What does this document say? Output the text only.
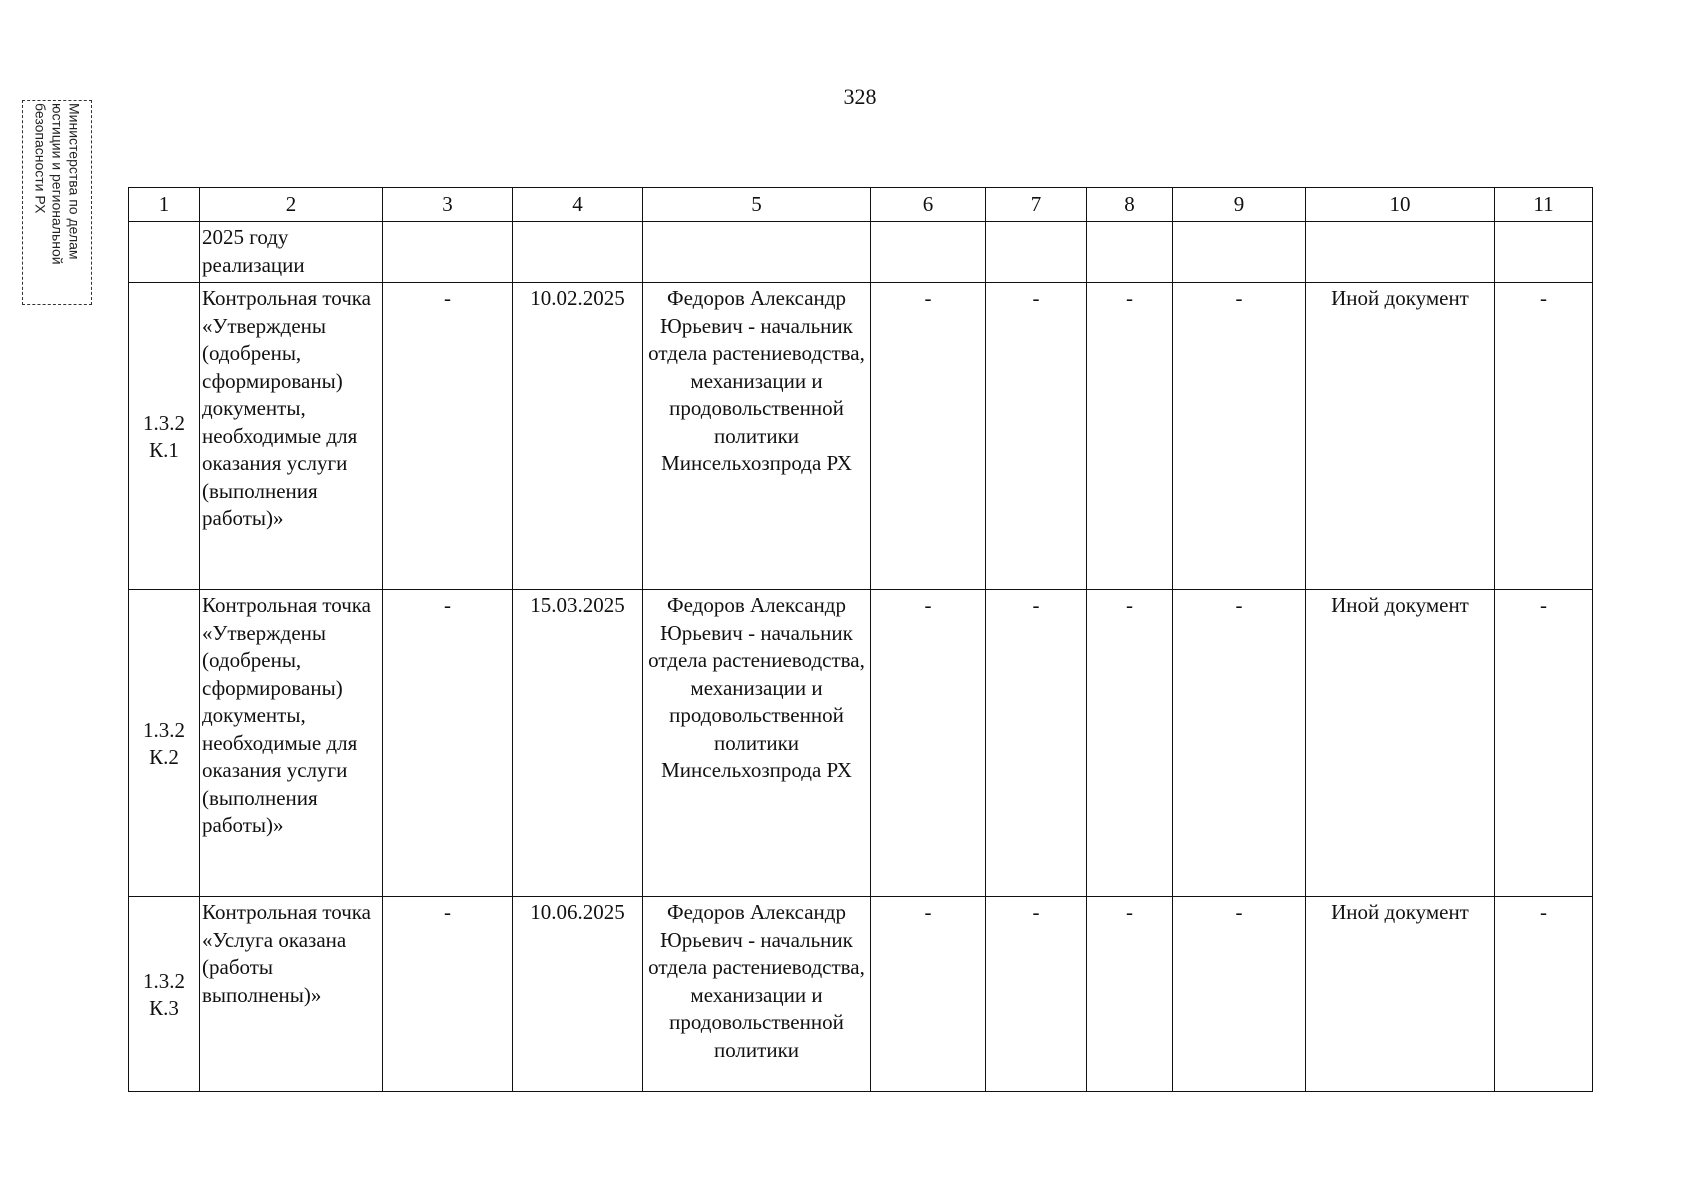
328
Министерства по делам
юстиции и региональной
безопасности РХ	1	2	3	4	5	6	7	8	9	10	11
	2025 году реализации									
1.3.2 К.1	Контрольная точка «Утверждены (одобрены, сформированы) документы, необходимые для оказания услуги (выполнения работы)»	-	10.02.2025	Федоров Александр Юрьевич - начальник отдела растениеводства, механизации и продовольственной политики Минсельхозпрода РХ	-	-	-	-	Иной документ	-
1.3.2 К.2	Контрольная точка «Утверждены (одобрены, сформированы) документы, необходимые для оказания услуги (выполнения работы)»	-	15.03.2025	Федоров Александр Юрьевич - начальник отдела растениеводства, механизации и продовольственной политики Минсельхозпрода РХ	-	-	-	-	Иной документ	-
1.3.2 К.3	Контрольная точка «Услуга оказана (работы выполнены)»	-	10.06.2025	Федоров Александр Юрьевич - начальник отдела растениеводства, механизации и продовольственной политики	-	-	-	-	Иной документ	-
